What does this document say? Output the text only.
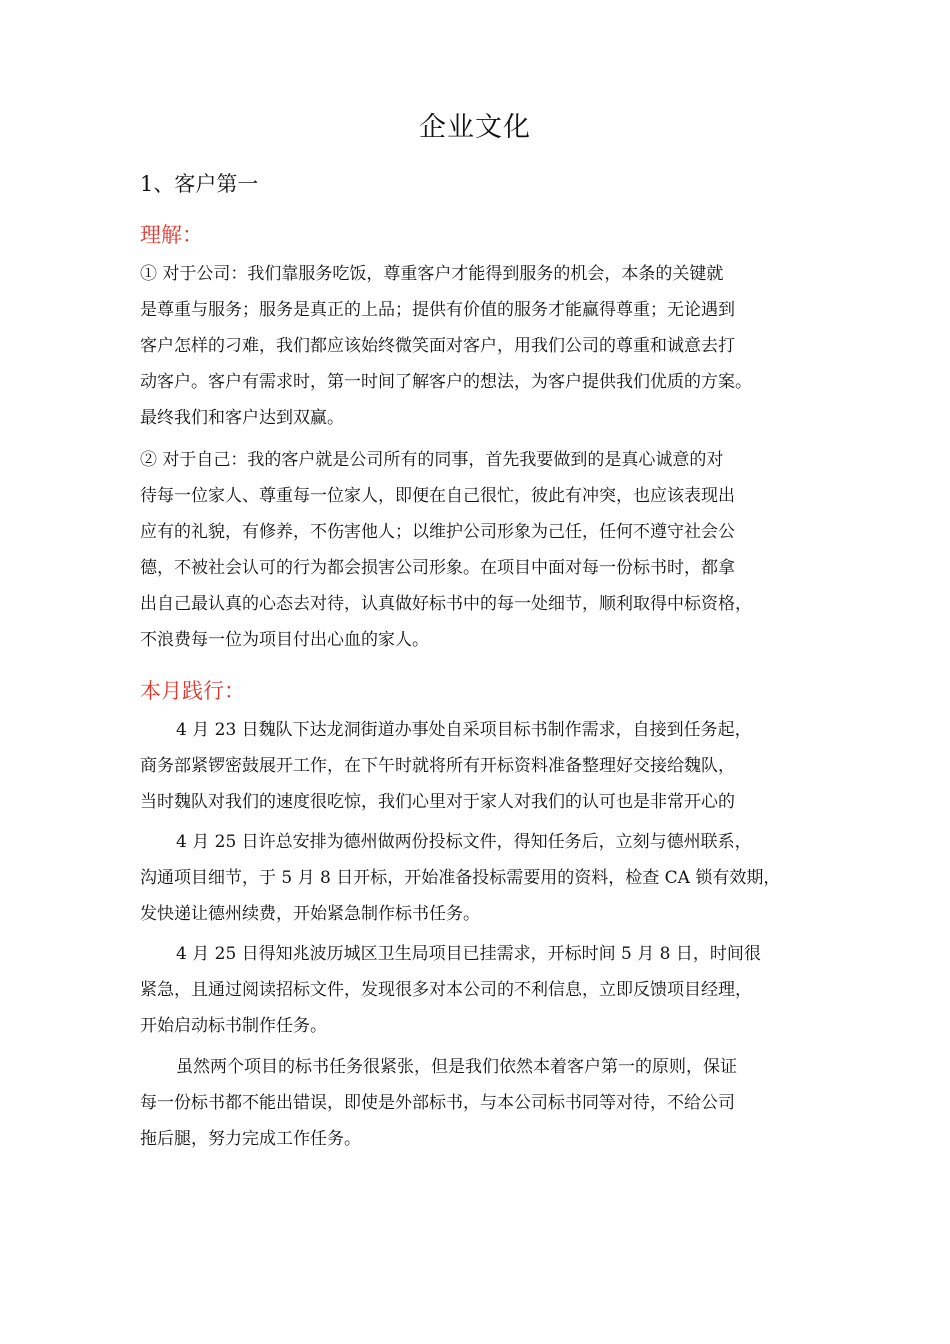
企业文化
1、客户第一
理解：
① 对于公司：我们靠服务吃饭，尊重客户才能得到服务的机会，本条的关键就
是尊重与服务；服务是真正的上品；提供有价值的服务才能赢得尊重；无论遇到
客户怎样的刁难，我们都应该始终微笑面对客户，用我们公司的尊重和诚意去打
动客户。客户有需求时，第一时间了解客户的想法，为客户提供我们优质的方案。
最终我们和客户达到双赢。
② 对于自己：我的客户就是公司所有的同事，首先我要做到的是真心诚意的对
待每一位家人、尊重每一位家人，即便在自己很忙，彼此有冲突，也应该表现出
应有的礼貌，有修养，不伤害他人；以维护公司形象为己任，任何不遵守社会公
德，不被社会认可的行为都会损害公司形象。在项目中面对每一份标书时，都拿
出自己最认真的心态去对待，认真做好标书中的每一处细节，顺利取得中标资格，
不浪费每一位为项目付出心血的家人。
本月践行：
4 月 23 日魏队下达龙洞街道办事处自采项目标书制作需求，自接到任务起，
商务部紧锣密鼓展开工作，在下午时就将所有开标资料准备整理好交接给魏队，
当时魏队对我们的速度很吃惊，我们心里对于家人对我们的认可也是非常开心的
4 月 25 日许总安排为德州做两份投标文件，得知任务后，立刻与德州联系，
沟通项目细节，于 5 月 8 日开标，开始准备投标需要用的资料，检查 CA 锁有效期，
发快递让德州续费，开始紧急制作标书任务。
4 月 25 日得知兆波历城区卫生局项目已挂需求，开标时间 5 月 8 日，时间很
紧急，且通过阅读招标文件，发现很多对本公司的不利信息，立即反馈项目经理，
开始启动标书制作任务。
虽然两个项目的标书任务很紧张，但是我们依然本着客户第一的原则，保证
每一份标书都不能出错误，即使是外部标书，与本公司标书同等对待，不给公司
拖后腿，努力完成工作任务。
